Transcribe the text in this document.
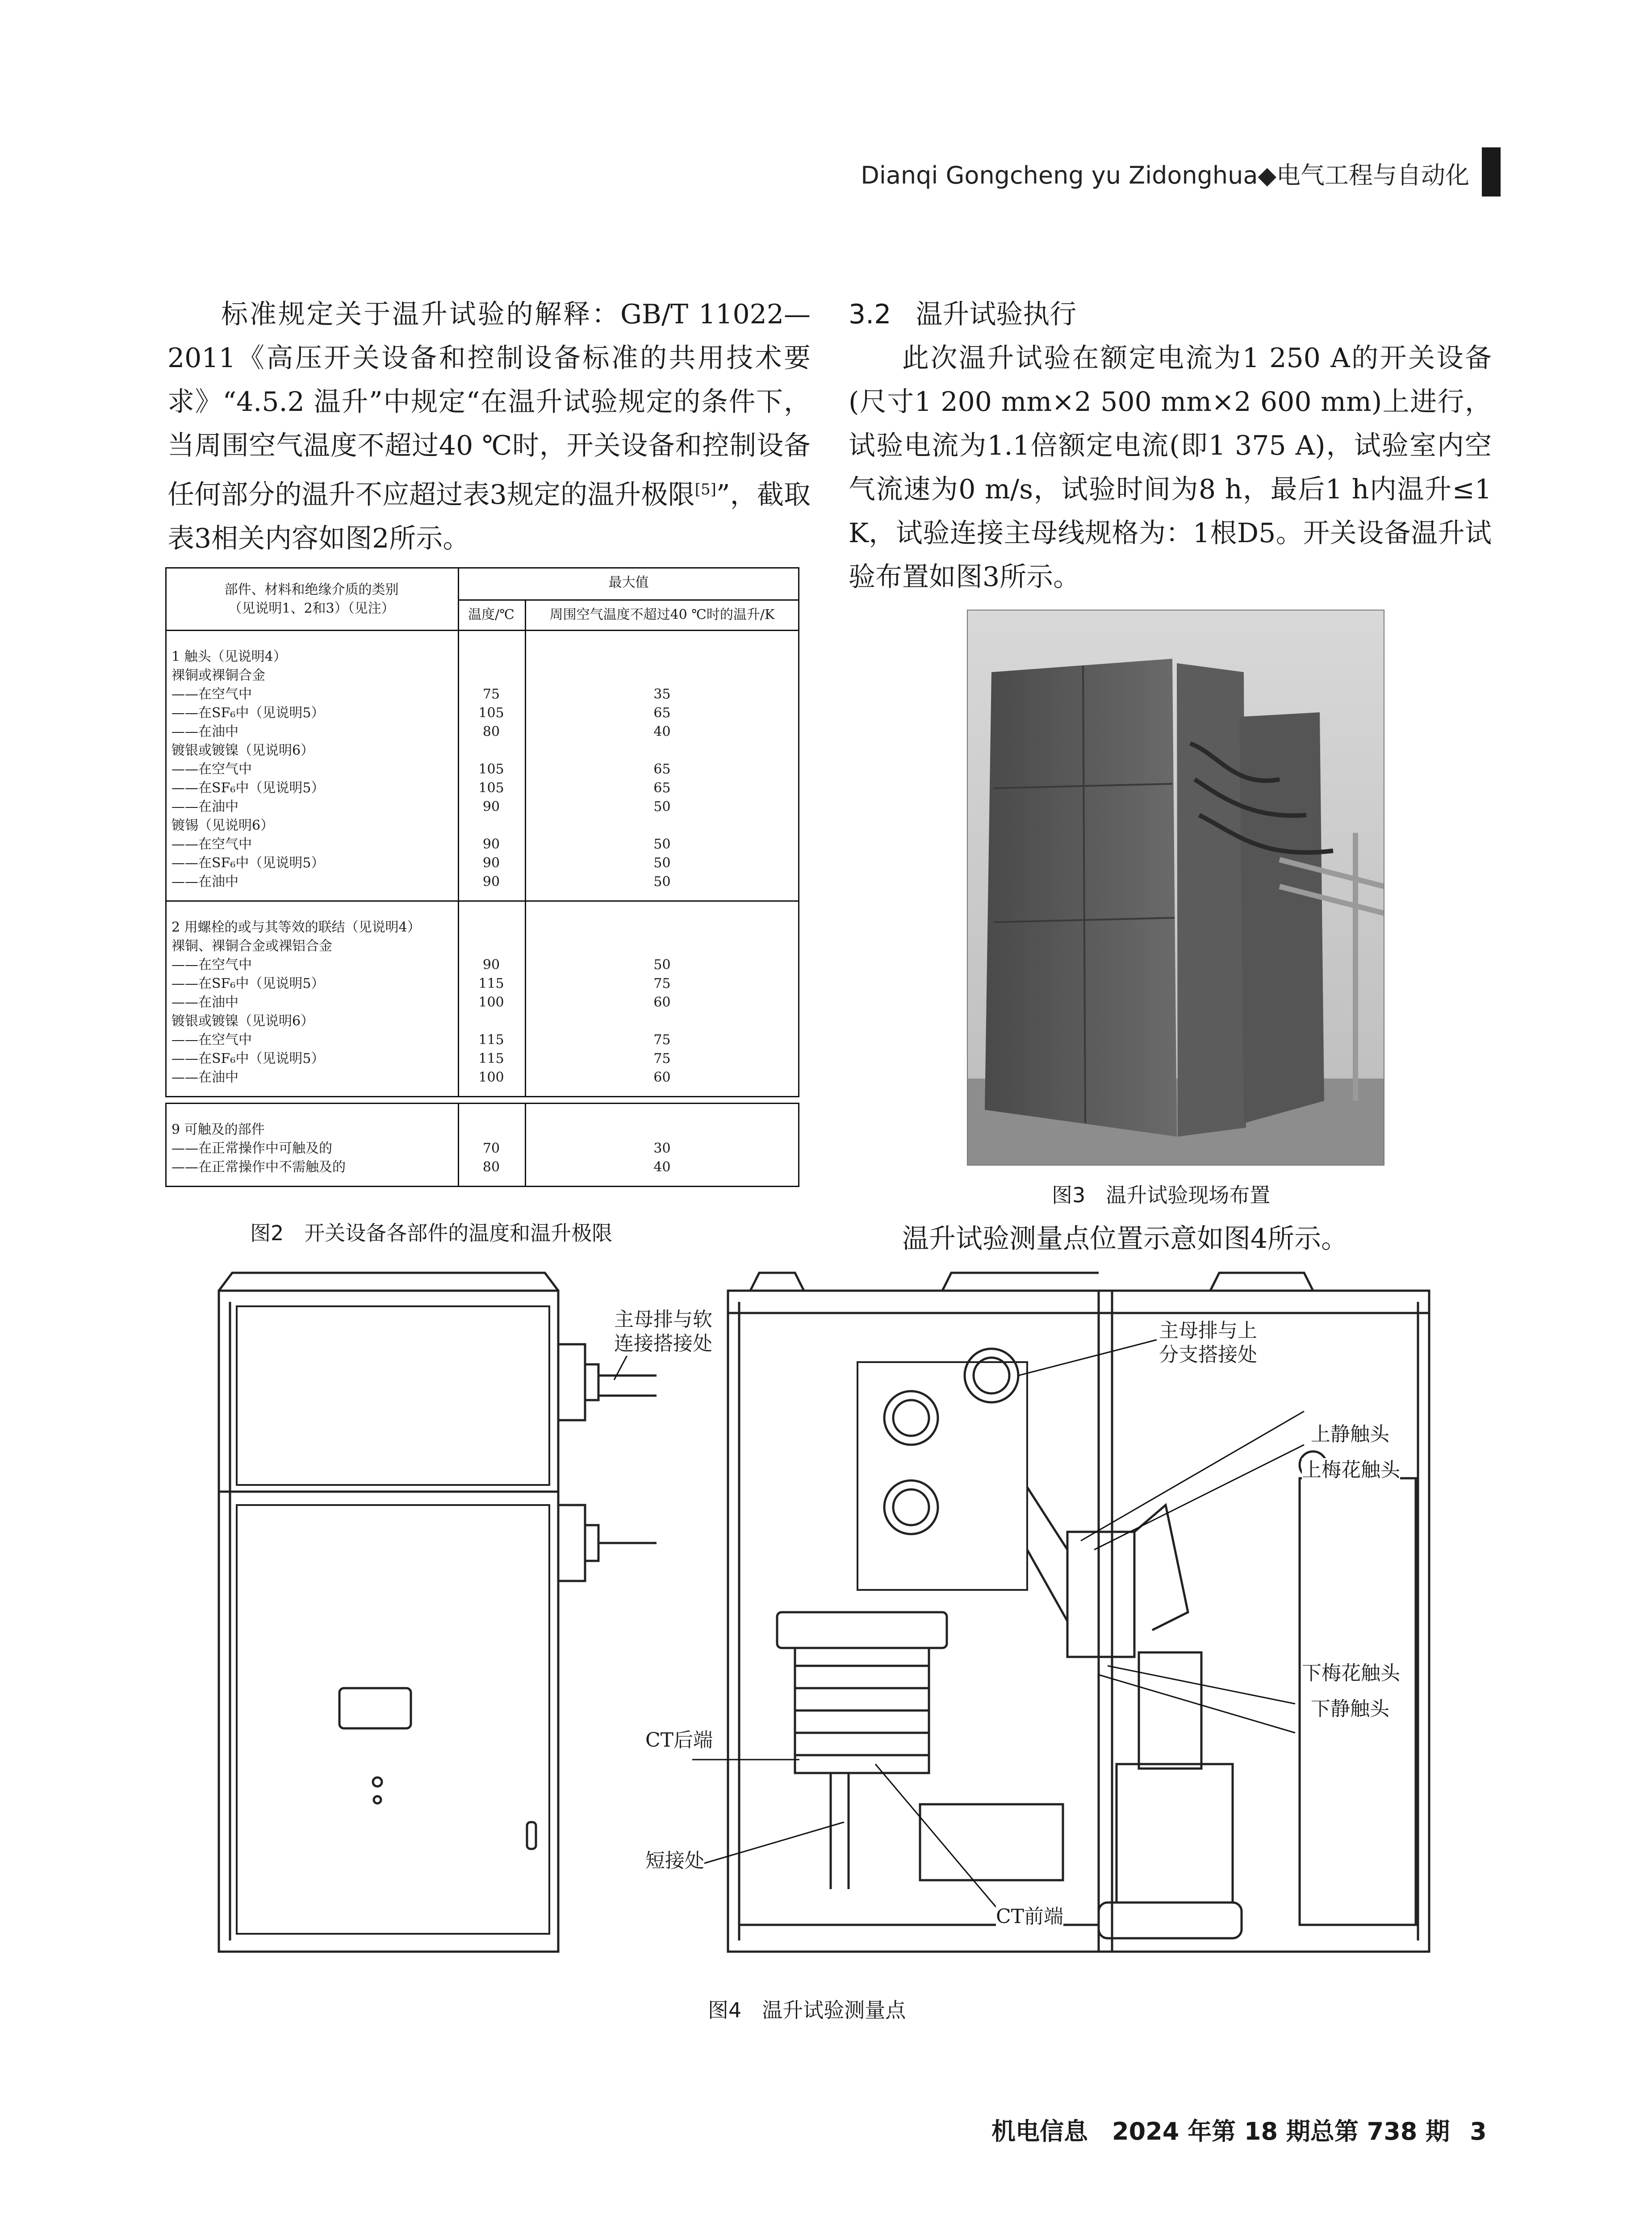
Dianqi Gongcheng yu Zidonghua◆电气工程与自动化

标准规定关于温升试验的解释：GB/T 11022—2011《高压开关设备和控制设备标准的共用技术要求》“4.5.2 温升”中规定“在温升试验规定的条件下，当周围空气温度不超过40 ℃时，开关设备和控制设备任何部分的温升不应超过表3规定的温升极限[5]”，截取表3相关内容如图2所示。

3.2 温升试验执行

此次温升试验在额定电流为1 250 A的开关设备(尺寸1 200 mm×2 500 mm×2 600 mm)上进行，试验电流为1.1倍额定电流(即1 375 A)，试验室内空气流速为0 m/s，试验时间为8 h，最后1 h内温升≤1 K，试验连接主母线规格为：1根D5。开关设备温升试验布置如图3所示。

部件、材料和绝缘介质的类别
（见说明1、2和3）（见注）
最大值
温度/℃	周围空气温度不超过40 ℃时的温升/K
1 触头（见说明4）
裸铜或裸铜合金
——在空气中	75	35
——在SF₆中（见说明5）	105	65
——在油中	80	40
镀银或镀镍（见说明6）
——在空气中	105	65
——在SF₆中（见说明5）	105	65
——在油中	90	50
镀锡（见说明6）
——在空气中	90	50
——在SF₆中（见说明5）	90	50
——在油中	90	50
2 用螺栓的或与其等效的联结（见说明4）
裸铜、裸铜合金或裸铝合金
——在空气中	90	50
——在SF₆中（见说明5）	115	75
——在油中	100	60
镀银或镀镍（见说明6）
——在空气中	115	75
——在SF₆中（见说明5）	115	75
——在油中	100	60
9 可触及的部件
——在正常操作中可触及的	70	30
——在正常操作中不需触及的	80	40
图2　开关设备各部件的温度和温升极限
图3　温升试验现场布置
温升试验测量点位置示意如图4所示。
主母排与软
连接搭接处
主母排与上
分支搭接处
上静触头
上梅花触头
下梅花触头
下静触头
CT后端
短接处
CT前端
图4　温升试验测量点
机电信息　2024 年第 18 期总第 738 期 3
